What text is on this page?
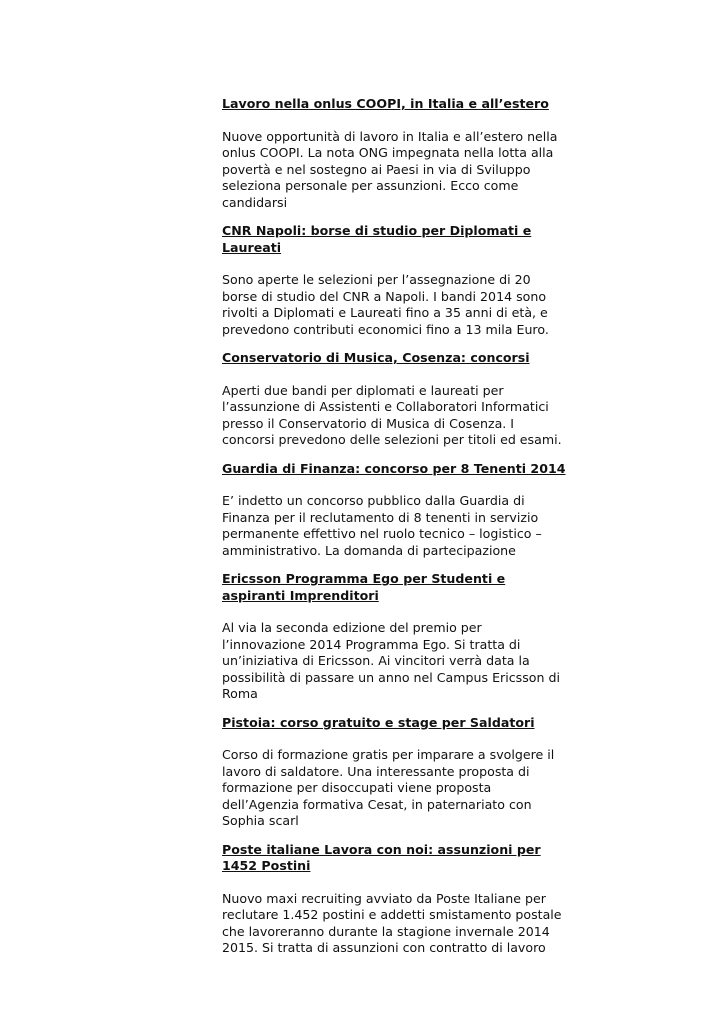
Lavoro nella onlus COOPI, in Italia e all’estero
Nuove opportunità di lavoro in Italia e all’estero nella onlus COOPI. La nota ONG impegnata nella lotta alla povertà e nel sostegno ai Paesi in via di Sviluppo seleziona personale per assunzioni. Ecco come candidarsi
CNR Napoli: borse di studio per Diplomati e Laureati
Sono aperte le selezioni per l’assegnazione di 20 borse di studio del CNR a Napoli. I bandi 2014 sono rivolti a Diplomati e Laureati fino a 35 anni di età, e prevedono contributi economici fino a 13 mila Euro.
Conservatorio di Musica, Cosenza: concorsi
Aperti due bandi per diplomati e laureati per l’assunzione di Assistenti e Collaboratori Informatici presso il Conservatorio di Musica di Cosenza. I concorsi prevedono delle selezioni per titoli ed esami.
Guardia di Finanza: concorso per 8 Tenenti 2014
E’ indetto un concorso pubblico dalla Guardia di Finanza per il reclutamento di 8 tenenti in servizio permanente effettivo nel ruolo tecnico – logistico – amministrativo. La domanda di partecipazione
Ericsson Programma Ego per Studenti e aspiranti Imprenditori
Al via la seconda edizione del premio per l’innovazione 2014 Programma Ego. Si tratta di un’iniziativa di Ericsson. Ai vincitori verrà data la possibilità di passare un anno nel Campus Ericsson di Roma
Pistoia: corso gratuito e stage per Saldatori
Corso di formazione gratis per imparare a svolgere il lavoro di saldatore. Una interessante proposta di formazione per disoccupati viene proposta dell’Agenzia formativa Cesat, in paternariato con Sophia scarl
Poste italiane Lavora con noi: assunzioni per 1452 Postini
Nuovo maxi recruiting avviato da Poste Italiane per reclutare 1.452 postini e addetti smistamento postale che lavoreranno durante la stagione invernale 2014 2015. Si tratta di assunzioni con contratto di lavoro
